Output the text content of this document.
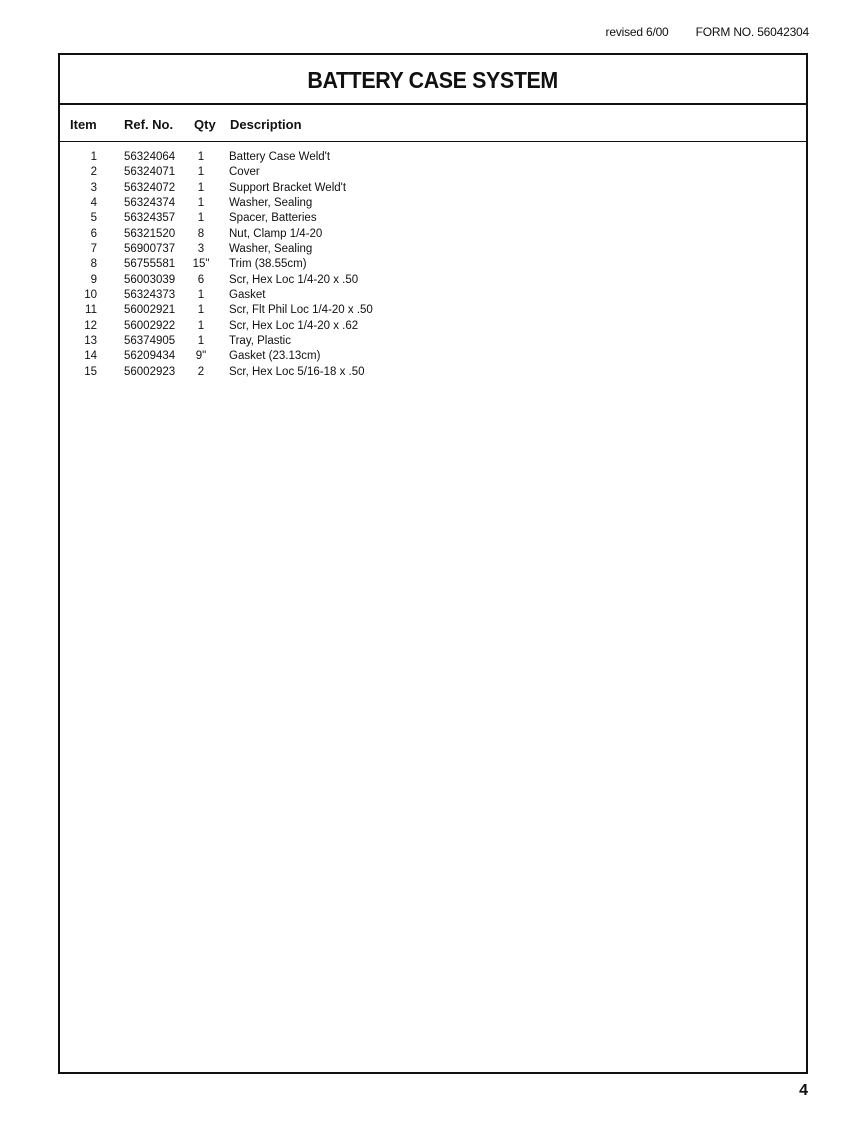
revised 6/00 FORM NO. 56042304
BATTERY CASE SYSTEM
Item Ref. No. Qty Description
1 56324064	1	Battery Case Weld't
2 56324071	1	Cover
3 56324072	1	Support Bracket Weld't
4 56324374	1	Washer, Sealing
5 56324357	1	Spacer, Batteries
6 56321520	8	Nut, Clamp 1/4-20
7 56900737	3	Washer, Sealing
8 56755581 15" Trim (38.55cm)
9 56003039	6	Scr, Hex Loc 1/4-20 x .50
10 56324373	1	Gasket
11 56002921	1	Scr, Flt Phil Loc 1/4-20 x .50
12 56002922	1	Scr, Hex Loc 1/4-20 x .62
13 56374905	1	Tray, Plastic
14 56209434	9"	Gasket (23.13cm)
15 56002923	2	Scr, Hex Loc 5/16-18 x .50
4
